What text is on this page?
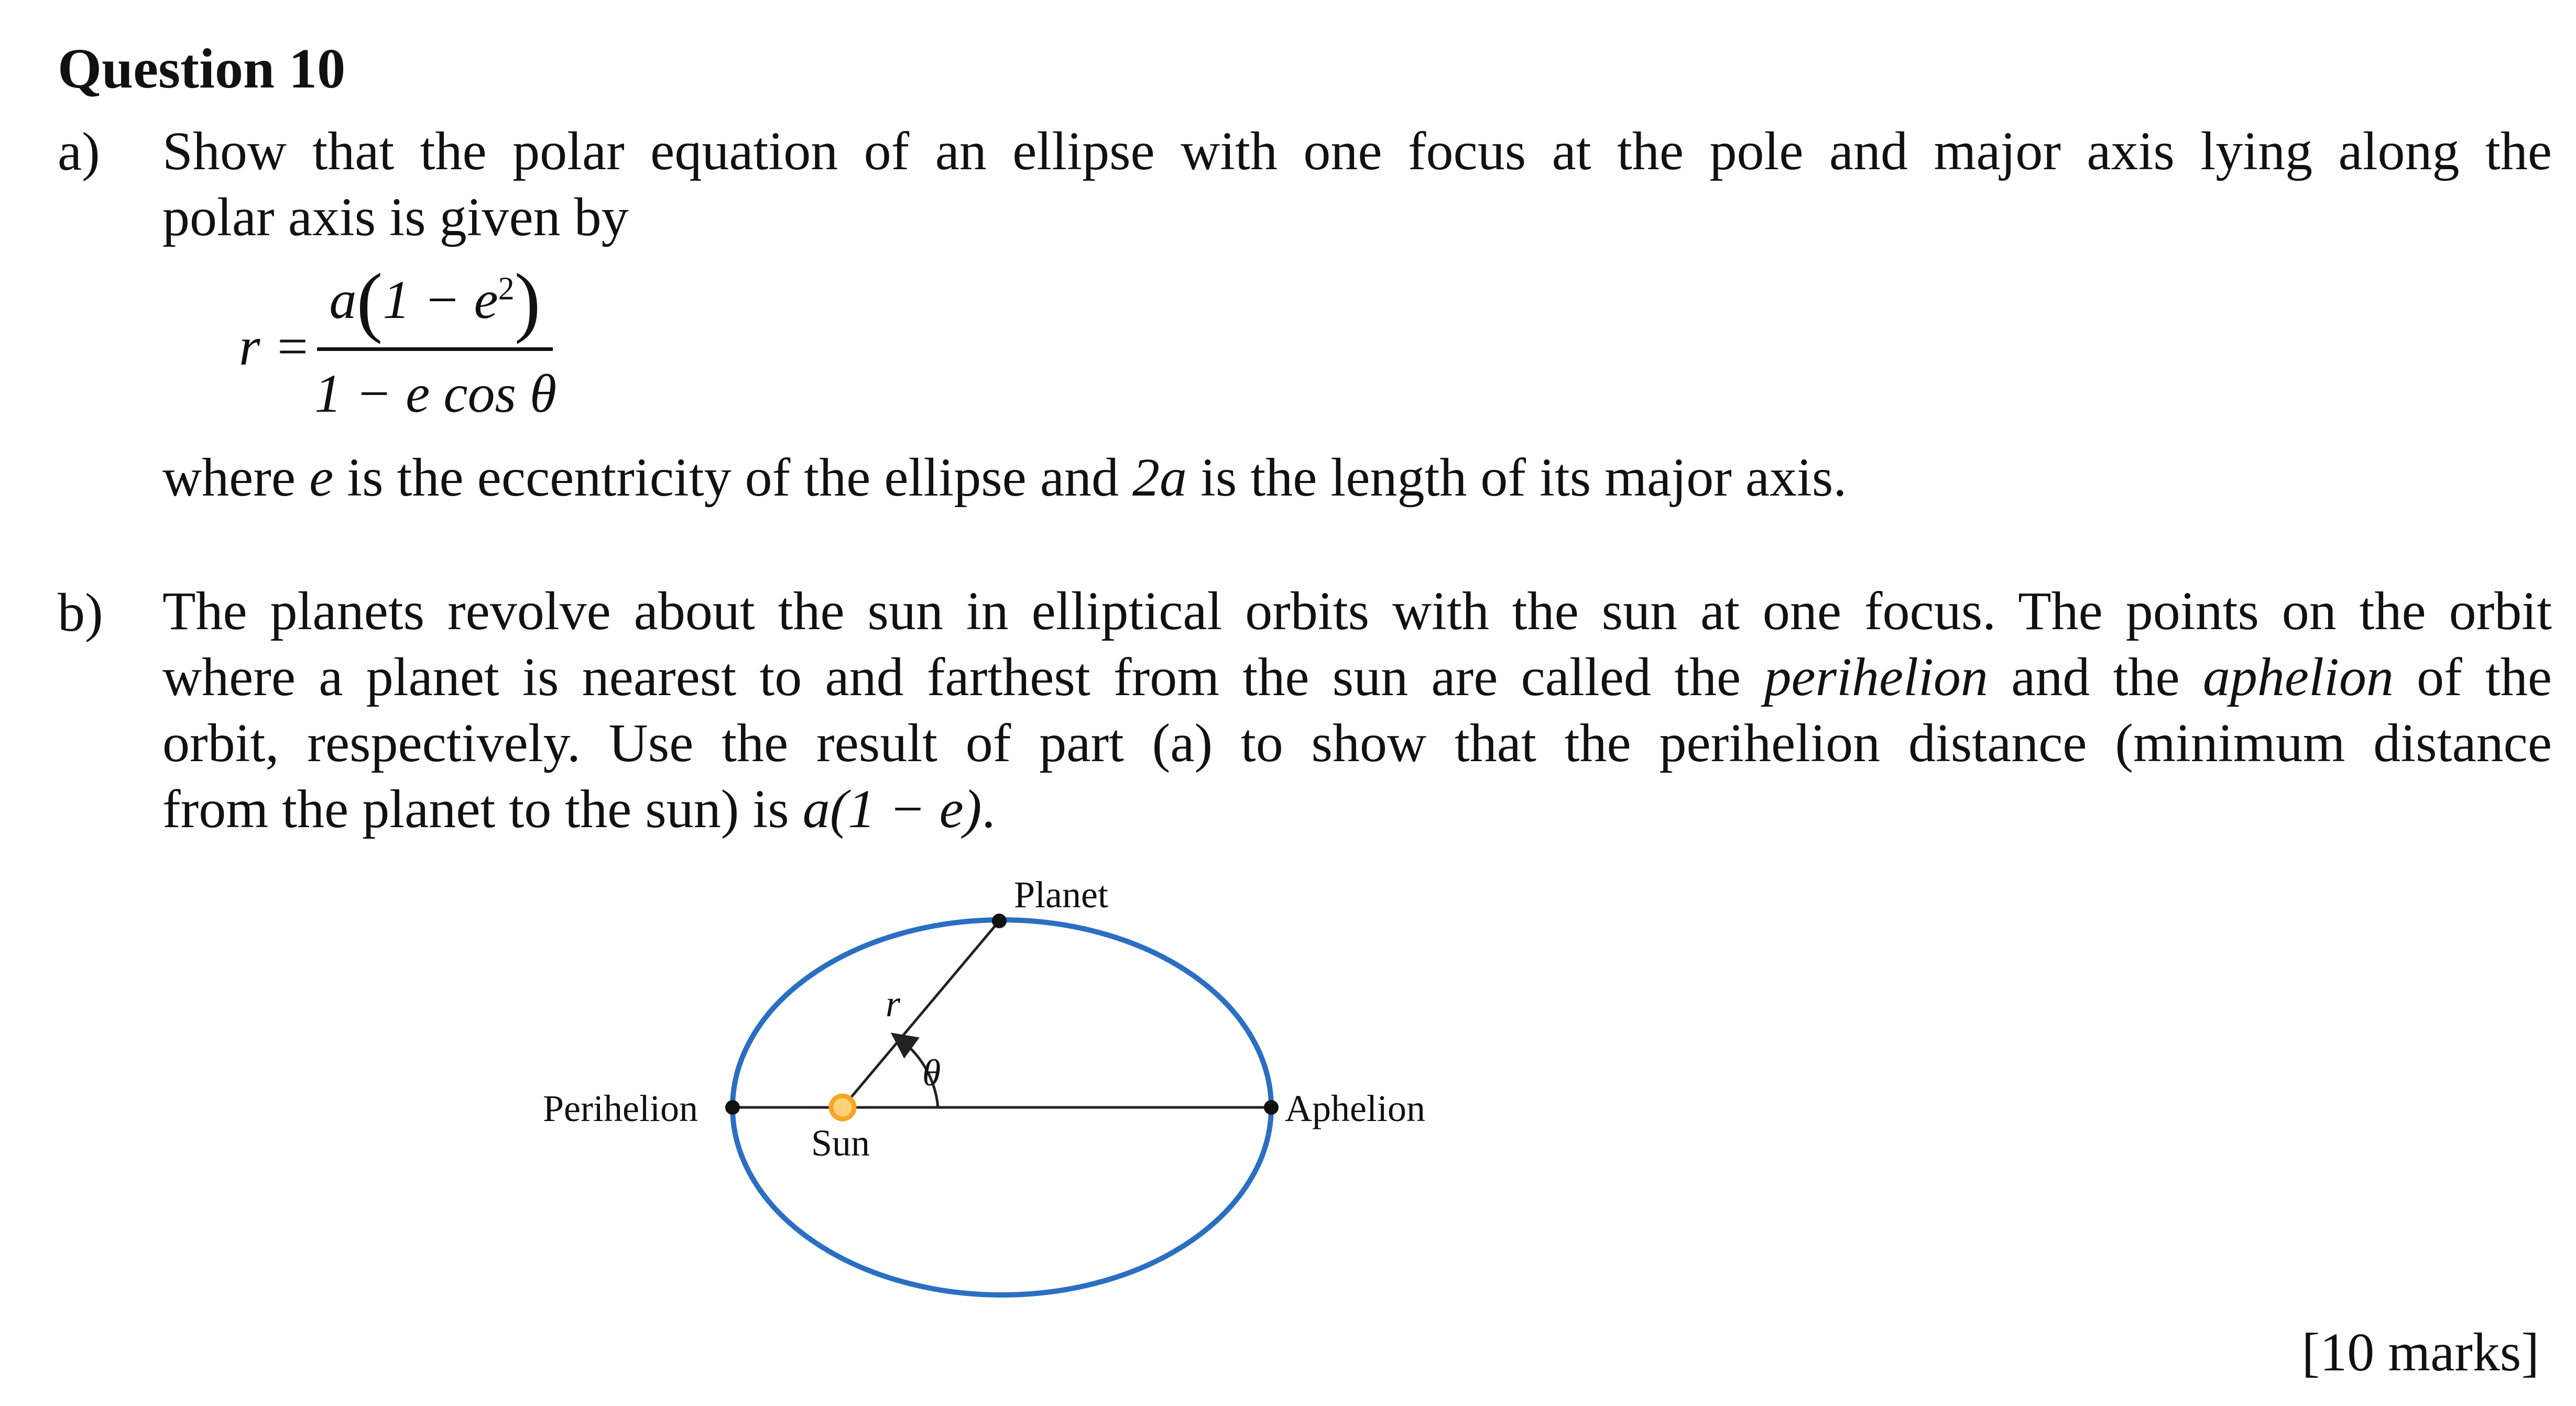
Question 10
a) Show that the polar equation of an ellipse with one focus at the pole and major axis lying along the
polar axis is given by
r =
$a(1 - e^2)$
1 − e cos θ
where e is the eccentricity of the ellipse and 2a is the length of its major axis.
b) The planets revolve about the sun in elliptical orbits with the sun at one focus. The points on the orbit
where a planet is nearest to and farthest from the sun are called the perihelion and the aphelion of the
orbit, respectively. Use the result of part (a) to show that the perihelion distance (minimum distance
from the planet to the sun) is a(1 − e).
Planet
Perihelion	Aphelion
Sun
r
θ
[10 marks]
